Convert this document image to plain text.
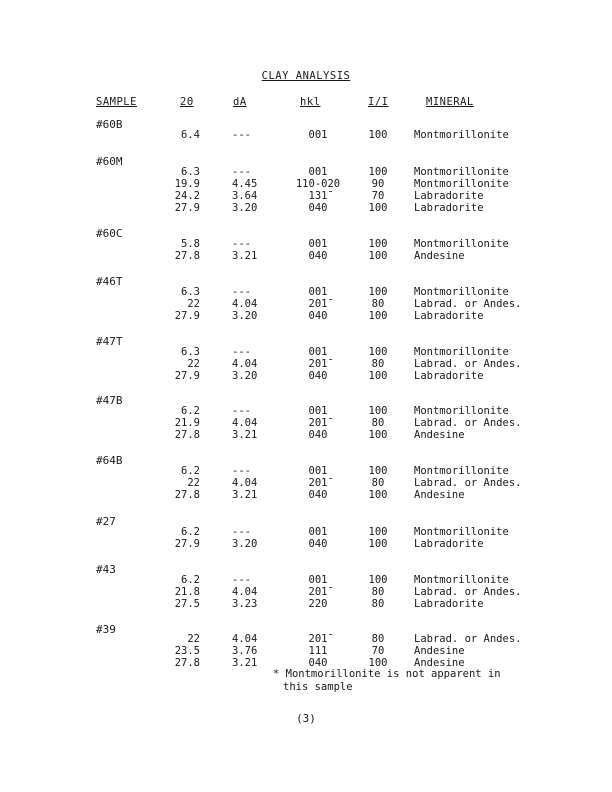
CLAY ANALYSIS
SAMPLE	2Θ	dA	hkl	I/I	MINERAL
#60B
6.4	---	001	100	Montmorillonite
#60M
6.3	---	001	100	Montmorillonite
19.9	4.45	110-020	90	Montmorillonite
24.2	3.64	131̄	70	Labradorite
27.9	3.20	040	100	Labradorite
#60C
5.8	---	001	100	Montmorillonite
27.8	3.21	040	100	Andesine
#46T
6.3	---	001	100	Montmorillonite
22	4.04	201̄	80	Labrad. or Andes.
27.9	3.20	040	100	Labradorite
#47T
6.3	---	001	100	Montmorillonite
22	4.04	201̄	80	Labrad. or Andes.
27.9	3.20	040	100	Labradorite
#47B
6.2	---	001	100	Montmorillonite
21.9	4.04	201̄	80	Labrad. or Andes.
27.8	3.21	040	100	Andesine
#64B
6.2	---	001	100	Montmorillonite
22	4.04	201̄	80	Labrad. or Andes.
27.8	3.21	040	100	Andesine
#27
6.2	---	001	100	Montmorillonite
27.9	3.20	040	100	Labradorite
#43
6.2	---	001	100	Montmorillonite
21.8	4.04	201̄	80	Labrad. or Andes.
27.5	3.23	220	80	Labradorite
#39
22	4.04	201̄	80	Labrad. or Andes.
23.5	3.76	111	70	Andesine
27.8	3.21	040	100	Andesine
* Montmorillonite is not apparent in
this sample
(3)
